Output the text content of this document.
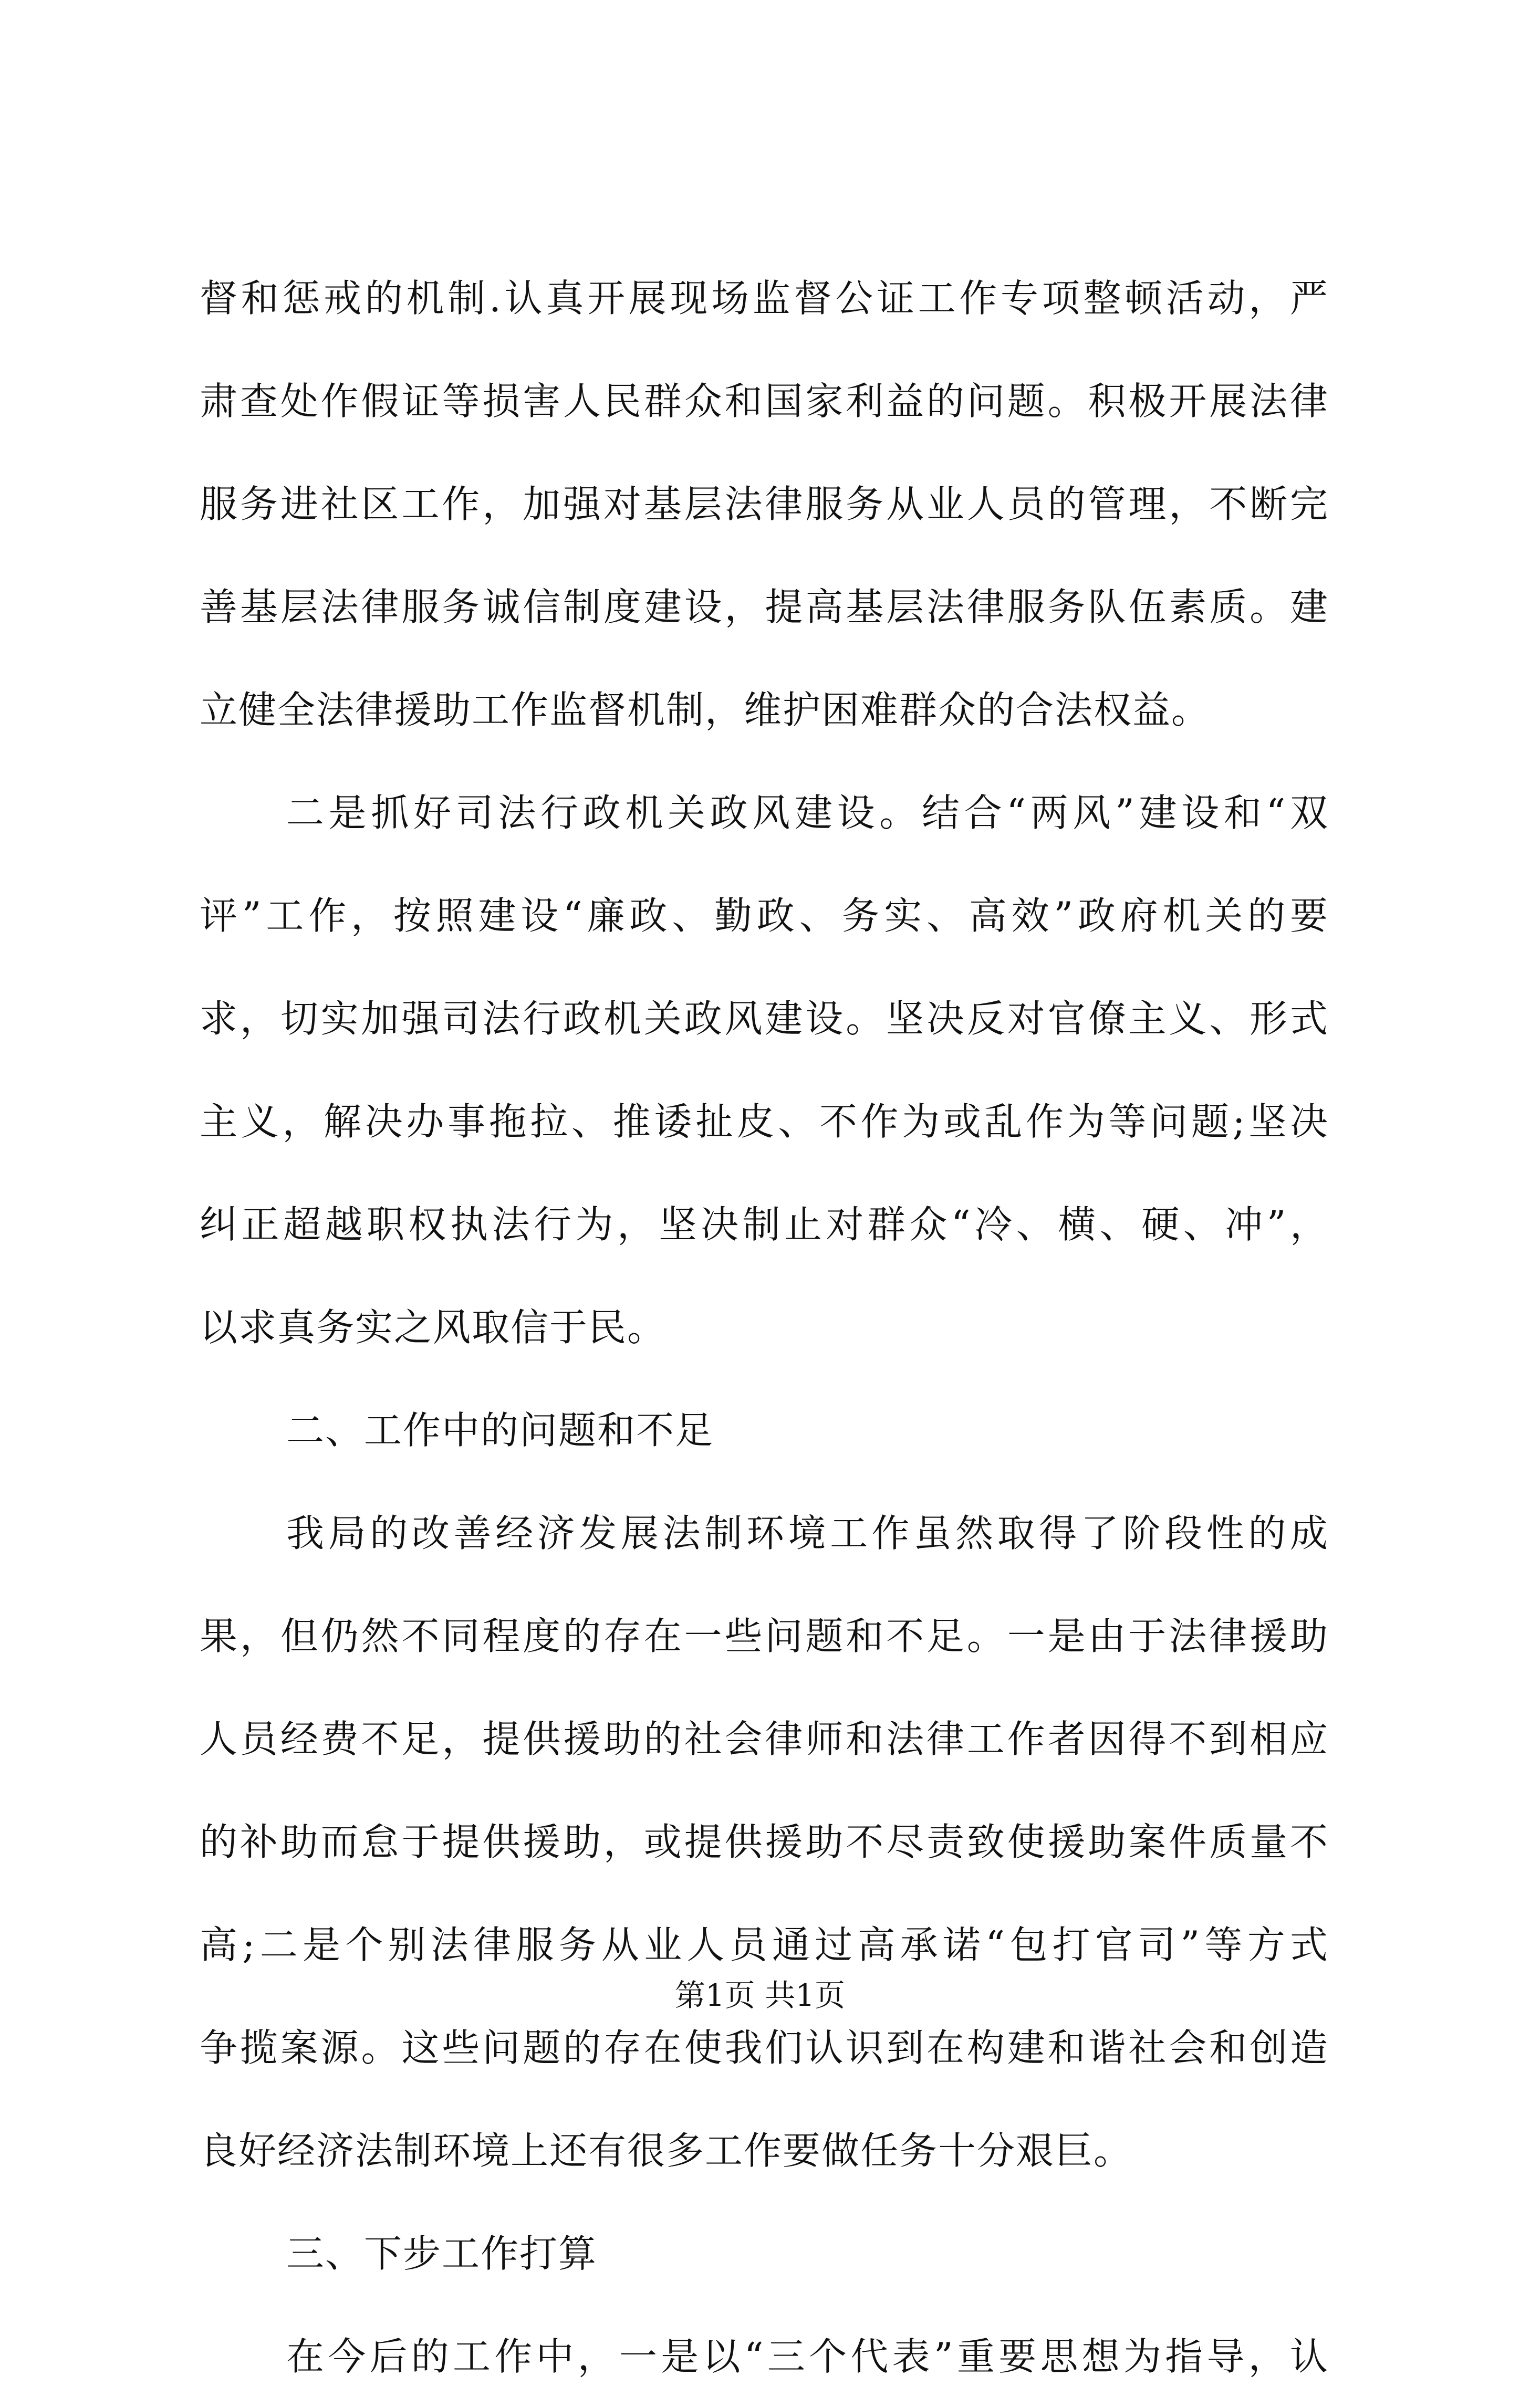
督和惩戒的机制.认真开展现场监督公证工作专项整顿活动，严
肃查处作假证等损害人民群众和国家利益的问题。积极开展法律
服务进社区工作，加强对基层法律服务从业人员的管理，不断完
善基层法律服务诚信制度建设，提高基层法律服务队伍素质。建
立健全法律援助工作监督机制，维护困难群众的合法权益。
二是抓好司法行政机关政风建设。结合“两风”建设和“双
评”工作，按照建设“廉政、勤政、务实、高效”政府机关的要
求，切实加强司法行政机关政风建设。坚决反对官僚主义、形式
主义，解决办事拖拉、推诿扯皮、不作为或乱作为等问题;坚决
纠正超越职权执法行为，坚决制止对群众“冷、横、硬、冲”，
以求真务实之风取信于民。
二、工作中的问题和不足
我局的改善经济发展法制环境工作虽然取得了阶段性的成
果，但仍然不同程度的存在一些问题和不足。一是由于法律援助
人员经费不足，提供援助的社会律师和法律工作者因得不到相应
的补助而怠于提供援助，或提供援助不尽责致使援助案件质量不
高;二是个别法律服务从业人员通过高承诺“包打官司”等方式
争揽案源。这些问题的存在使我们认识到在构建和谐社会和创造
良好经济法制环境上还有很多工作要做任务十分艰巨。
三、下步工作打算
在今后的工作中，一是以“三个代表”重要思想为指导，认
第1页 共1页
